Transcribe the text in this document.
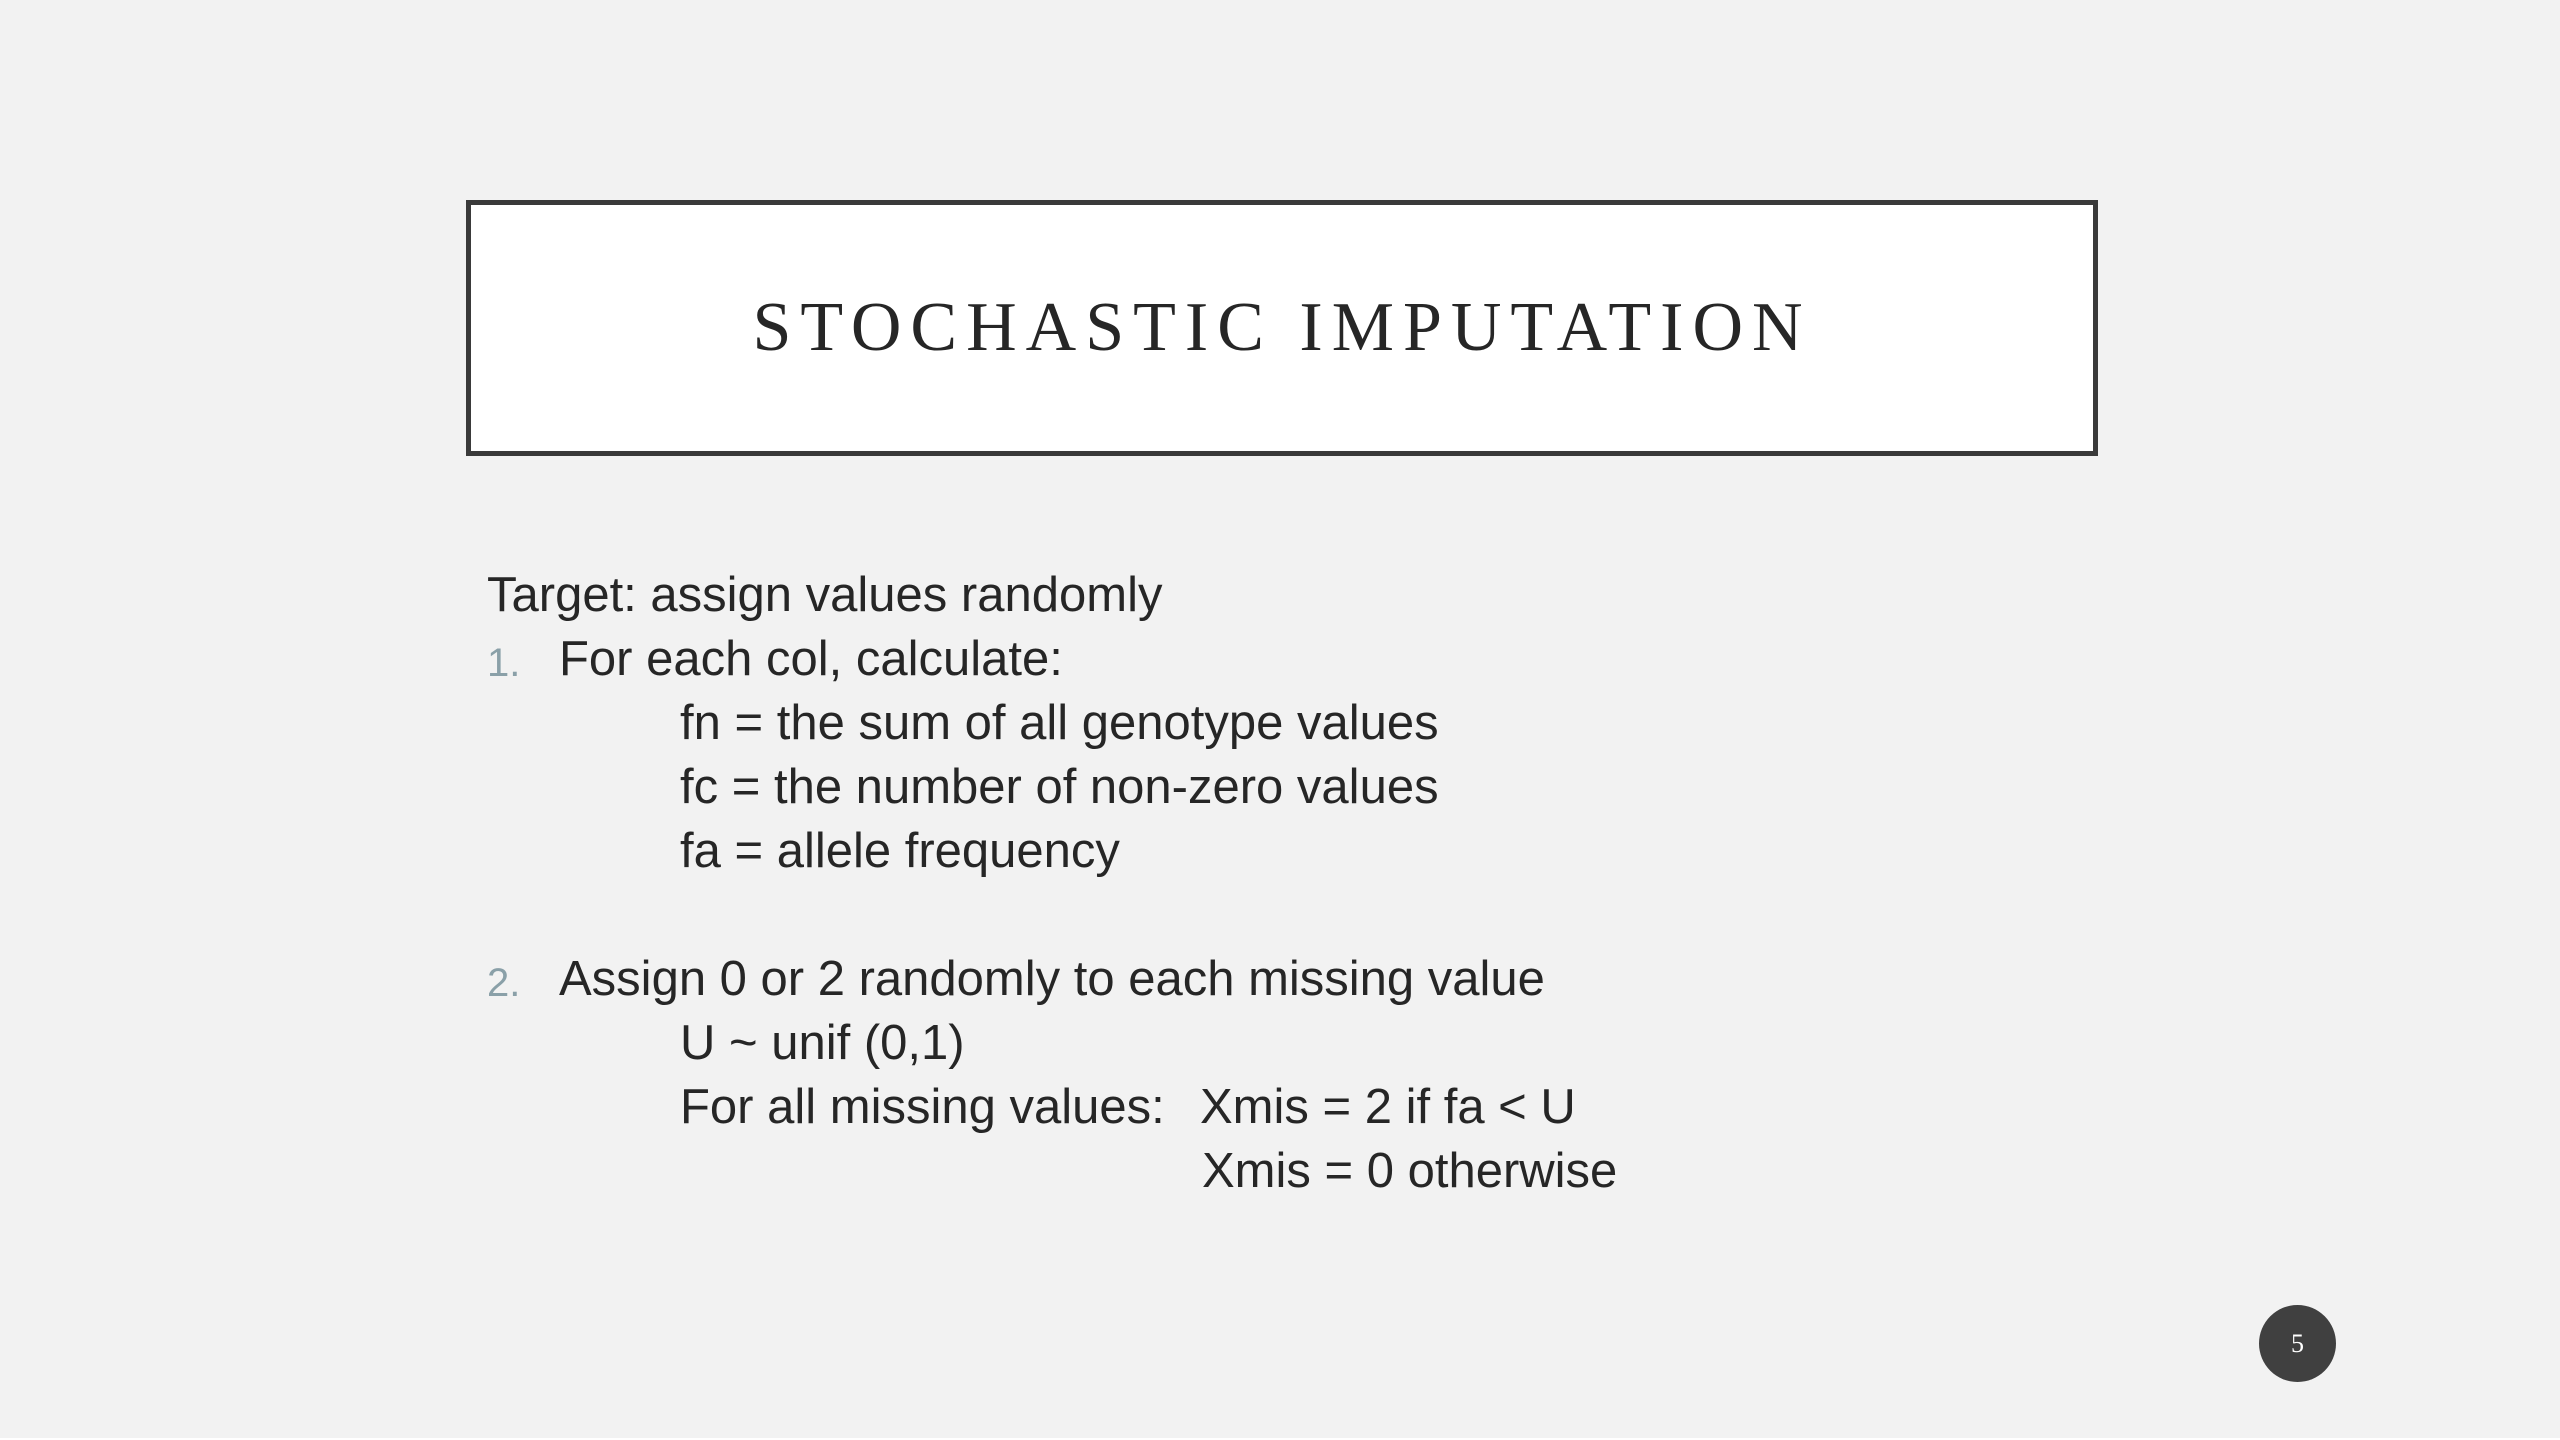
STOCHASTIC IMPUTATION
Target: assign values randomly
1. For each col, calculate:
fn = the sum of all genotype values
fc = the number of non-zero values
fa = allele frequency
2. Assign 0 or 2 randomly to each missing value
U ~ unif (0,1)
For all missing values: Xmis = 2 if fa < U
Xmis = 0 otherwise
5
